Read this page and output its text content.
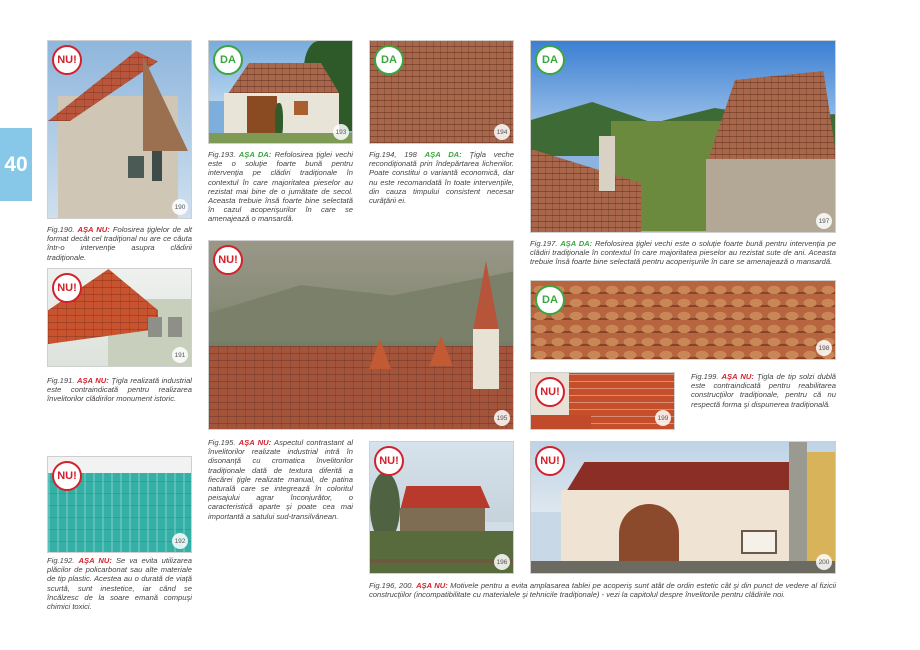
40
NU!
190
NU!
191
NU!
192
DA
193
DA
194
NU!
195
NU!
196
DA
197
DA
198
NU!
199
NU!
200
Fig.190. AŞA NU: Folosirea ţiglelor de alt format decât cel tradiţional nu are ce căuta într-o intervenţie asupra clădirii tradiţionale.
Fig.191. AŞA NU: Ţigla realizată industrial este contraindicată pentru realizarea învelitorilor clădirilor monument istoric.
Fig.192. AŞA NU: Se va evita utilizarea plăcilor de policarbonat sau alte materiale de tip plastic. Acestea au o durată de viaţă scurtă, sunt inestetice, iar când se încălzesc de la soare emană compuşi chimici toxici.
Fig.193. AŞA DA: Refolosirea ţiglei vechi este o soluţie foarte bună pentru intervenţia pe clădiri tradiţionale în contextul în care majoritatea pieselor au rezistat mai bine de o jumătate de secol. Aceasta trebuie însă foarte bine selectată în cazul acoperişurilor în care se amenajează o mansardă.
Fig.194, 198 AŞA DA: Ţigla veche recondiţionată prin îndepărtarea lichenilor. Poate constitui o variantă economică, dar nu este recomandată în toate intervenţiile, din cauza timpului consistent necesar curăţării ei.
Fig.195. AŞA NU: Aspectul contrastant al învelitorilor realizate industrial intră în disonanţă cu cromatica învelitorilor tradiţionale dată de textura diferită a fiecărei ţigle realizate manual, de patina naturală care se integrează în coloritul peisajului agrar înconjurător, o caracteristică aparte şi poate cea mai importantă a satului sud-transilvănean.
Fig.196, 200. AŞA NU: Motivele pentru a evita amplasarea tablei pe acoperiş sunt atât de ordin estetic cât şi din punct de vedere al fizicii construcţiilor (incompatibilitate cu materialele şi tehnicile tradiţionale) - vezi la capitolul despre învelitorile pentru clădirile noi.
Fig.197. AŞA DA: Refolosirea ţiglei vechi este o soluţie foarte bună pentru intervenţia pe clădiri tradiţionale în contextul în care majoritatea pieselor au rezistat sute de ani. Aceasta trebuie însă foarte bine selectată pentru acoperişurile în care se amenajează o mansardă.
Fig.199. AŞA NU: Ţigla de tip solzi dublă este contraindicată pentru reabilitarea construcţiilor tradiţionale, pentru că nu respectă forma şi dispunerea tradiţională.
